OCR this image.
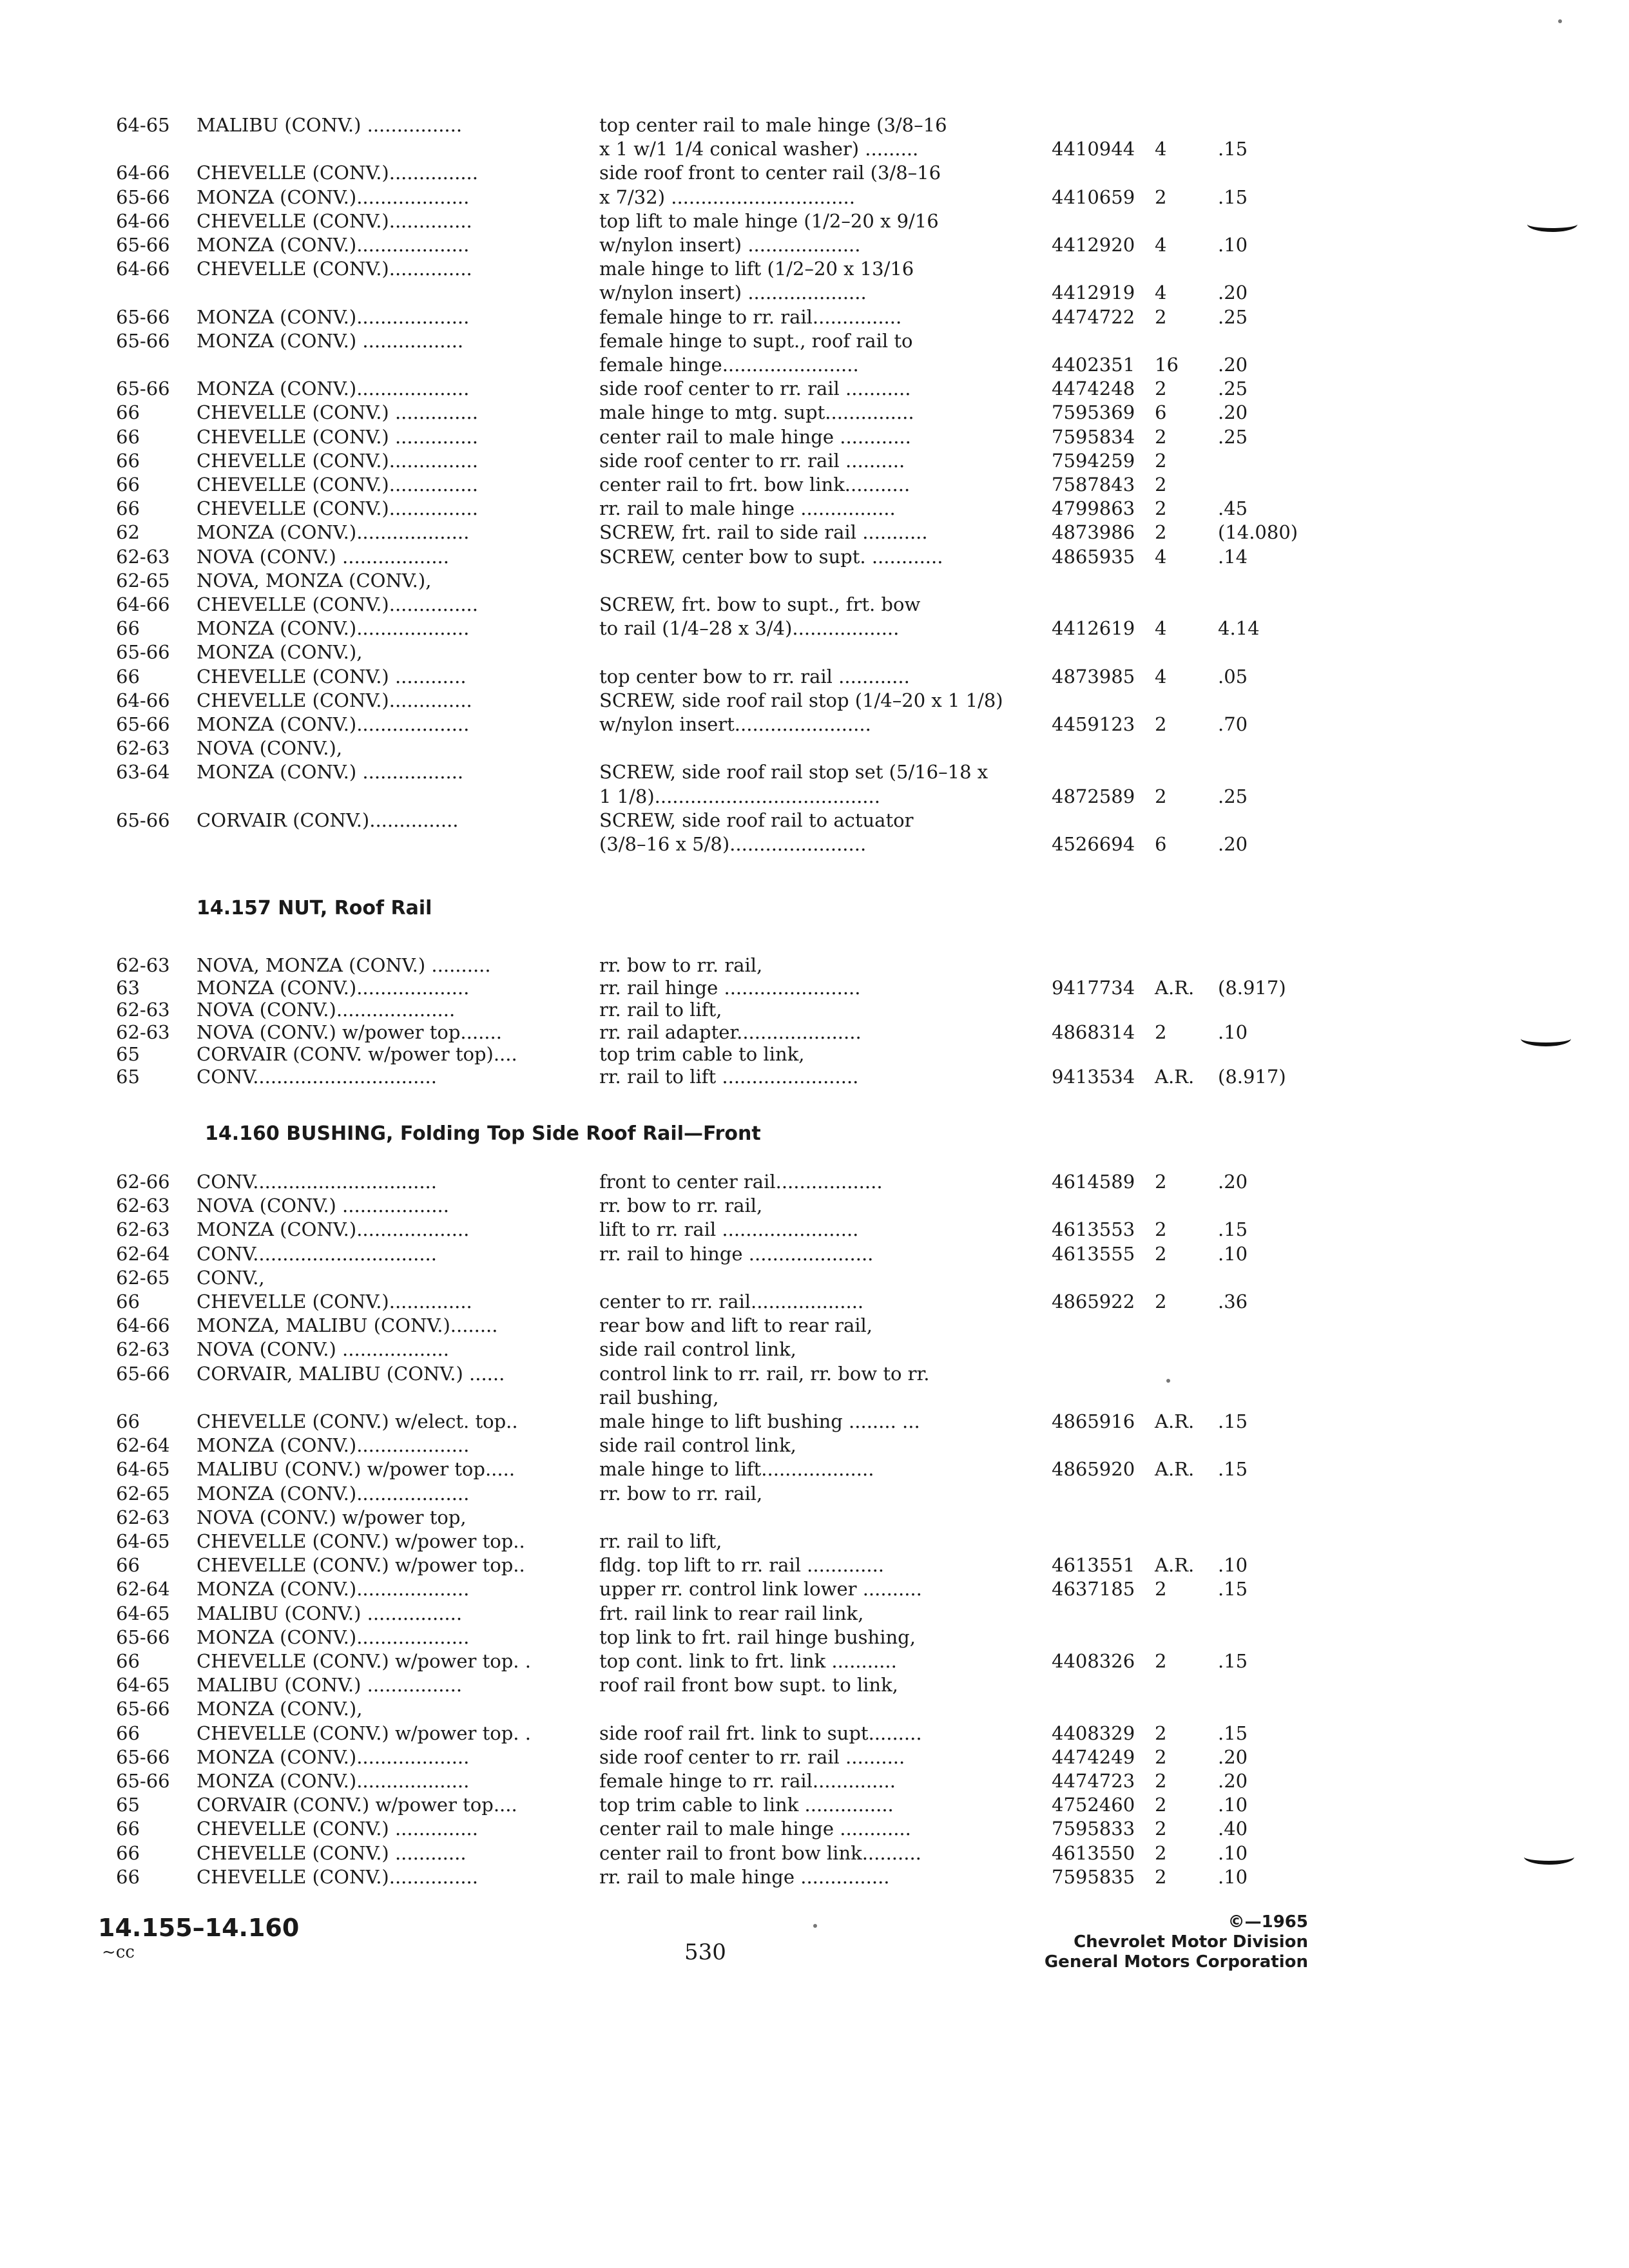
64-65 MALIBU (CONV.) ................	top center rail to male hinge (3/8–16
x 1 w/1 1/4 conical washer) .........	4410944 4	.15
64-66 CHEVELLE (CONV.)...............	side roof front to center rail (3/8–16
65-66 MONZA (CONV.)...................	x 7/32) ...............................	4410659 2	.15
64-66 CHEVELLE (CONV.)..............	top lift to male hinge (1/2–20 x 9/16
65-66 MONZA (CONV.)...................	w/nylon insert) ...................	4412920 4	.10
64-66 CHEVELLE (CONV.)..............	male hinge to lift (1/2–20 x 13/16
w/nylon insert) ....................	4412919 4	.20
65-66 MONZA (CONV.)...................	female hinge to rr. rail...............	4474722 2	.25
65-66 MONZA (CONV.) .................	female hinge to supt., roof rail to
female hinge.......................	4402351 16 .20
65-66 MONZA (CONV.)...................	side roof center to rr. rail ...........	4474248 2	.25
66	CHEVELLE (CONV.) ..............	male hinge to mtg. supt...............	7595369 6	.20
66	CHEVELLE (CONV.) ..............	center rail to male hinge ............	7595834 2	.25
66	CHEVELLE (CONV.)...............	side roof center to rr. rail ..........	7594259 2
66	CHEVELLE (CONV.)...............	center rail to frt. bow link...........	7587843 2
66	CHEVELLE (CONV.)...............	rr. rail to male hinge ................	4799863 2	.45
62	MONZA (CONV.)...................	SCREW, frt. rail to side rail ...........	4873986 2	(14.080)
62-63 NOVA (CONV.) ..................	SCREW, center bow to supt. ............	4865935 4	.14
62-65 NOVA, MONZA (CONV.),
64-66 CHEVELLE (CONV.)...............	SCREW, frt. bow to supt., frt. bow
66	MONZA (CONV.)...................	to rail (1/4–28 x 3/4)..................	4412619 4	4.14
65-66 MONZA (CONV.),
66	CHEVELLE (CONV.) ............	top center bow to rr. rail ............	4873985 4	.05
64-66 CHEVELLE (CONV.)..............	SCREW, side roof rail stop (1/4–20 x 1 1/8)
65-66 MONZA (CONV.)...................	w/nylon insert.......................	4459123 2	.70
62-63 NOVA (CONV.),
63-64 MONZA (CONV.) .................	SCREW, side roof rail stop set (5/16–18 x
1 1/8)......................................	4872589 2	.25
65-66 CORVAIR (CONV.)...............	SCREW, side roof rail to actuator
(3/8–16 x 5/8).......................	4526694 6	.20
62-63 NOVA, MONZA (CONV.) ..........	rr. bow to rr. rail,
63	MONZA (CONV.)...................	rr. rail hinge .......................	9417734 A.R. (8.917)
62-63 NOVA (CONV.)....................	rr. rail to lift,
62-63 NOVA (CONV.) w/power top.......	rr. rail adapter.....................	4868314 2	.10
65	CORVAIR (CONV. w/power top)....	top trim cable to link,
65	CONV...............................	rr. rail to lift .......................	9413534 A.R. (8.917)
62-66 CONV...............................	front to center rail..................	4614589 2	.20
62-63 NOVA (CONV.) ..................	rr. bow to rr. rail,
62-63 MONZA (CONV.)...................	lift to rr. rail .......................	4613553 2	.15
62-64 CONV...............................	rr. rail to hinge .....................	4613555 2	.10
62-65 CONV.,
66	CHEVELLE (CONV.)..............	center to rr. rail...................	4865922 2	.36
64-66 MONZA, MALIBU (CONV.)........	rear bow and lift to rear rail,
62-63 NOVA (CONV.) ..................	side rail control link,
65-66 CORVAIR, MALIBU (CONV.) ......	control link to rr. rail, rr. bow to rr.
rail bushing,
66	CHEVELLE (CONV.) w/elect. top..	male hinge to lift bushing ........ ...	4865916 A.R. .15
62-64 MONZA (CONV.)...................	side rail control link,
64-65 MALIBU (CONV.) w/power top.....	male hinge to lift...................	4865920 A.R. .15
62-65 MONZA (CONV.)...................	rr. bow to rr. rail,
62-63 NOVA (CONV.) w/power top,
64-65 CHEVELLE (CONV.) w/power top..	rr. rail to lift,
66	CHEVELLE (CONV.) w/power top..	fldg. top lift to rr. rail .............	4613551 A.R. .10
62-64 MONZA (CONV.)...................	upper rr. control link lower ..........	4637185 2	.15
64-65 MALIBU (CONV.) ................	frt. rail link to rear rail link,
65-66 MONZA (CONV.)...................	top link to frt. rail hinge bushing,
66	CHEVELLE (CONV.) w/power top. .	top cont. link to frt. link ...........	4408326 2	.15
64-65 MALIBU (CONV.) ................	roof rail front bow supt. to link,
65-66 MONZA (CONV.),
66	CHEVELLE (CONV.) w/power top. .	side roof rail frt. link to supt.........	4408329 2	.15
65-66 MONZA (CONV.)...................	side roof center to rr. rail ..........	4474249 2	.20
65-66 MONZA (CONV.)...................	female hinge to rr. rail..............	4474723 2	.20
65	CORVAIR (CONV.) w/power top....	top trim cable to link ...............	4752460 2	.10
66	CHEVELLE (CONV.) ..............	center rail to male hinge ............	7595833 2	.40
66	CHEVELLE (CONV.) ............	center rail to front bow link..........	4613550 2	.10
66	CHEVELLE (CONV.)...............	rr. rail to male hinge ...............	7595835 2	.10
14.157 NUT, Roof Rail
14.160 BUSHING, Folding Top Side Roof Rail—Front
14.155–14.160
~cc	530
©—1965
Chevrolet Motor Division
General Motors Corporation
